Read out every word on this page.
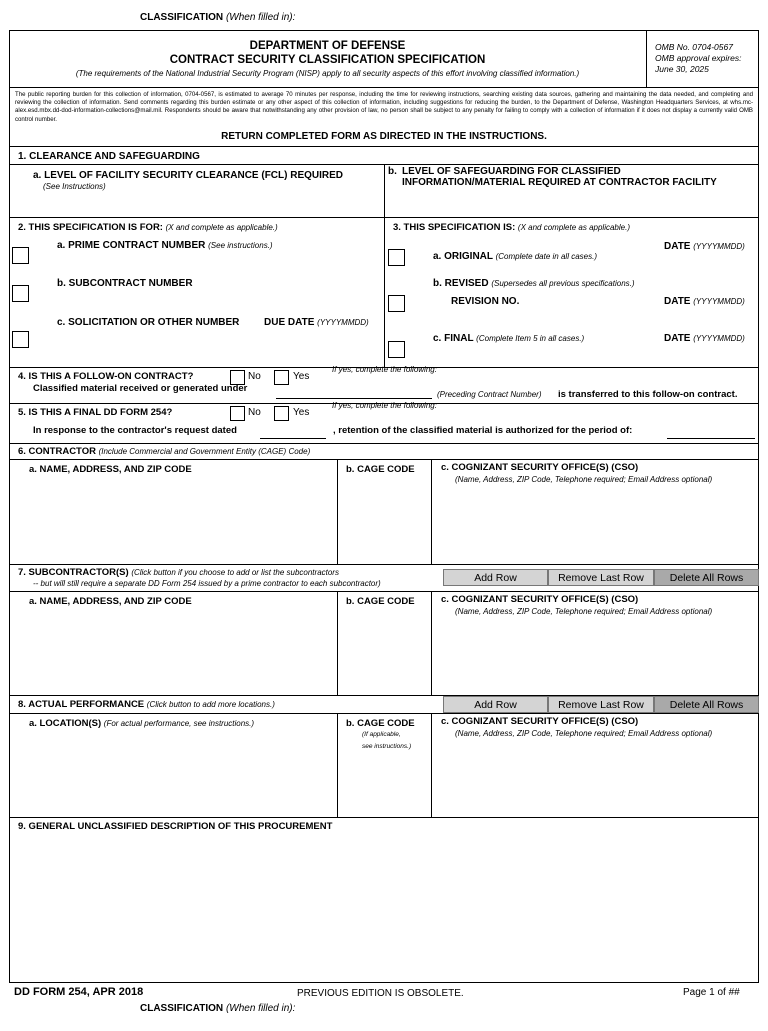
CLASSIFICATION (When filled in):
DEPARTMENT OF DEFENSE
CONTRACT SECURITY CLASSIFICATION SPECIFICATION
(The requirements of the National Industrial Security Program (NISP) apply to all security aspects of this effort involving classified information.)
OMB No. 0704-0567
OMB approval expires:
June 30, 2025
The public reporting burden for this collection of information, 0704-0567, is estimated to average 70 minutes per response, including the time for reviewing instructions, searching existing data sources, gathering and maintaining the data needed, and completing and reviewing the collection of information. Send comments regarding this burden estimate or any other aspect of this collection of information, including suggestions for reducing the burden, to the Department of Defense, Washington Headquarters Services, at whs.mc-alex.esd.mbx.dd-dod-information-collections@mail.mil. Respondents should be aware that notwithstanding any other provision of law, no person shall be subject to any penalty for failing to comply with a collection of information if it does not display a currently valid OMB control number.
RETURN COMPLETED FORM AS DIRECTED IN THE INSTRUCTIONS.
1. CLEARANCE AND SAFEGUARDING
a. LEVEL OF FACILITY SECURITY CLEARANCE (FCL) REQUIRED
(See Instructions)
b. LEVEL OF SAFEGUARDING FOR CLASSIFIED
INFORMATION/MATERIAL REQUIRED AT CONTRACTOR FACILITY
2. THIS SPECIFICATION IS FOR: (X and complete as applicable.)
a. PRIME CONTRACT NUMBER (See instructions.)
b. SUBCONTRACT NUMBER
c. SOLICITATION OR OTHER NUMBER DUE DATE (YYYYMMDD)
3. THIS SPECIFICATION IS: (X and complete as applicable.)
DATE (YYYYMMDD)
a. ORIGINAL (Complete date in all cases.)
b. REVISED (Supersedes all previous specifications.)
REVISION NO.	DATE (YYYYMMDD)
c. FINAL (Complete Item 5 in all cases.)	DATE (YYYYMMDD)
4. IS THIS A FOLLOW-ON CONTRACT?	No	Yes
If yes, complete the following:
Classified material received or generated under
(Preceding Contract Number) is transferred to this follow-on contract.
5. IS THIS A FINAL DD FORM 254?	No	Yes
If yes, complete the following:
In response to the contractor's request dated	, retention of the classified material is authorized for the period of:
6. CONTRACTOR (Include Commercial and Government Entity (CAGE) Code)
a. NAME, ADDRESS, AND ZIP CODE	b. CAGE CODE	c. COGNIZANT SECURITY OFFICE(S) (CSO)
(Name, Address, ZIP Code, Telephone required; Email Address optional)
7. SUBCONTRACTOR(S) (Click button if you choose to add or list the subcontractors
-- but will still require a separate DD Form 254 issued by a prime contractor to each subcontractor)	Add Row	Remove Last Row	Delete All Rows
a. NAME, ADDRESS, AND ZIP CODE	b. CAGE CODE	c. COGNIZANT SECURITY OFFICE(S) (CSO)
(Name, Address, ZIP Code, Telephone required; Email Address optional)
8. ACTUAL PERFORMANCE (Click button to add more locations.)	Add Row	Remove Last Row	Delete All Rows
a. LOCATION(S) (For actual performance, see instructions.)	b. CAGE CODE
(If applicable,
see instructions.)
c. COGNIZANT SECURITY OFFICE(S) (CSO)
(Name, Address, ZIP Code, Telephone required; Email Address optional)
9. GENERAL UNCLASSIFIED DESCRIPTION OF THIS PROCUREMENT
DD FORM 254, APR 2018	PREVIOUS EDITION IS OBSOLETE.	Page 1 of ##
CLASSIFICATION (When filled in):
